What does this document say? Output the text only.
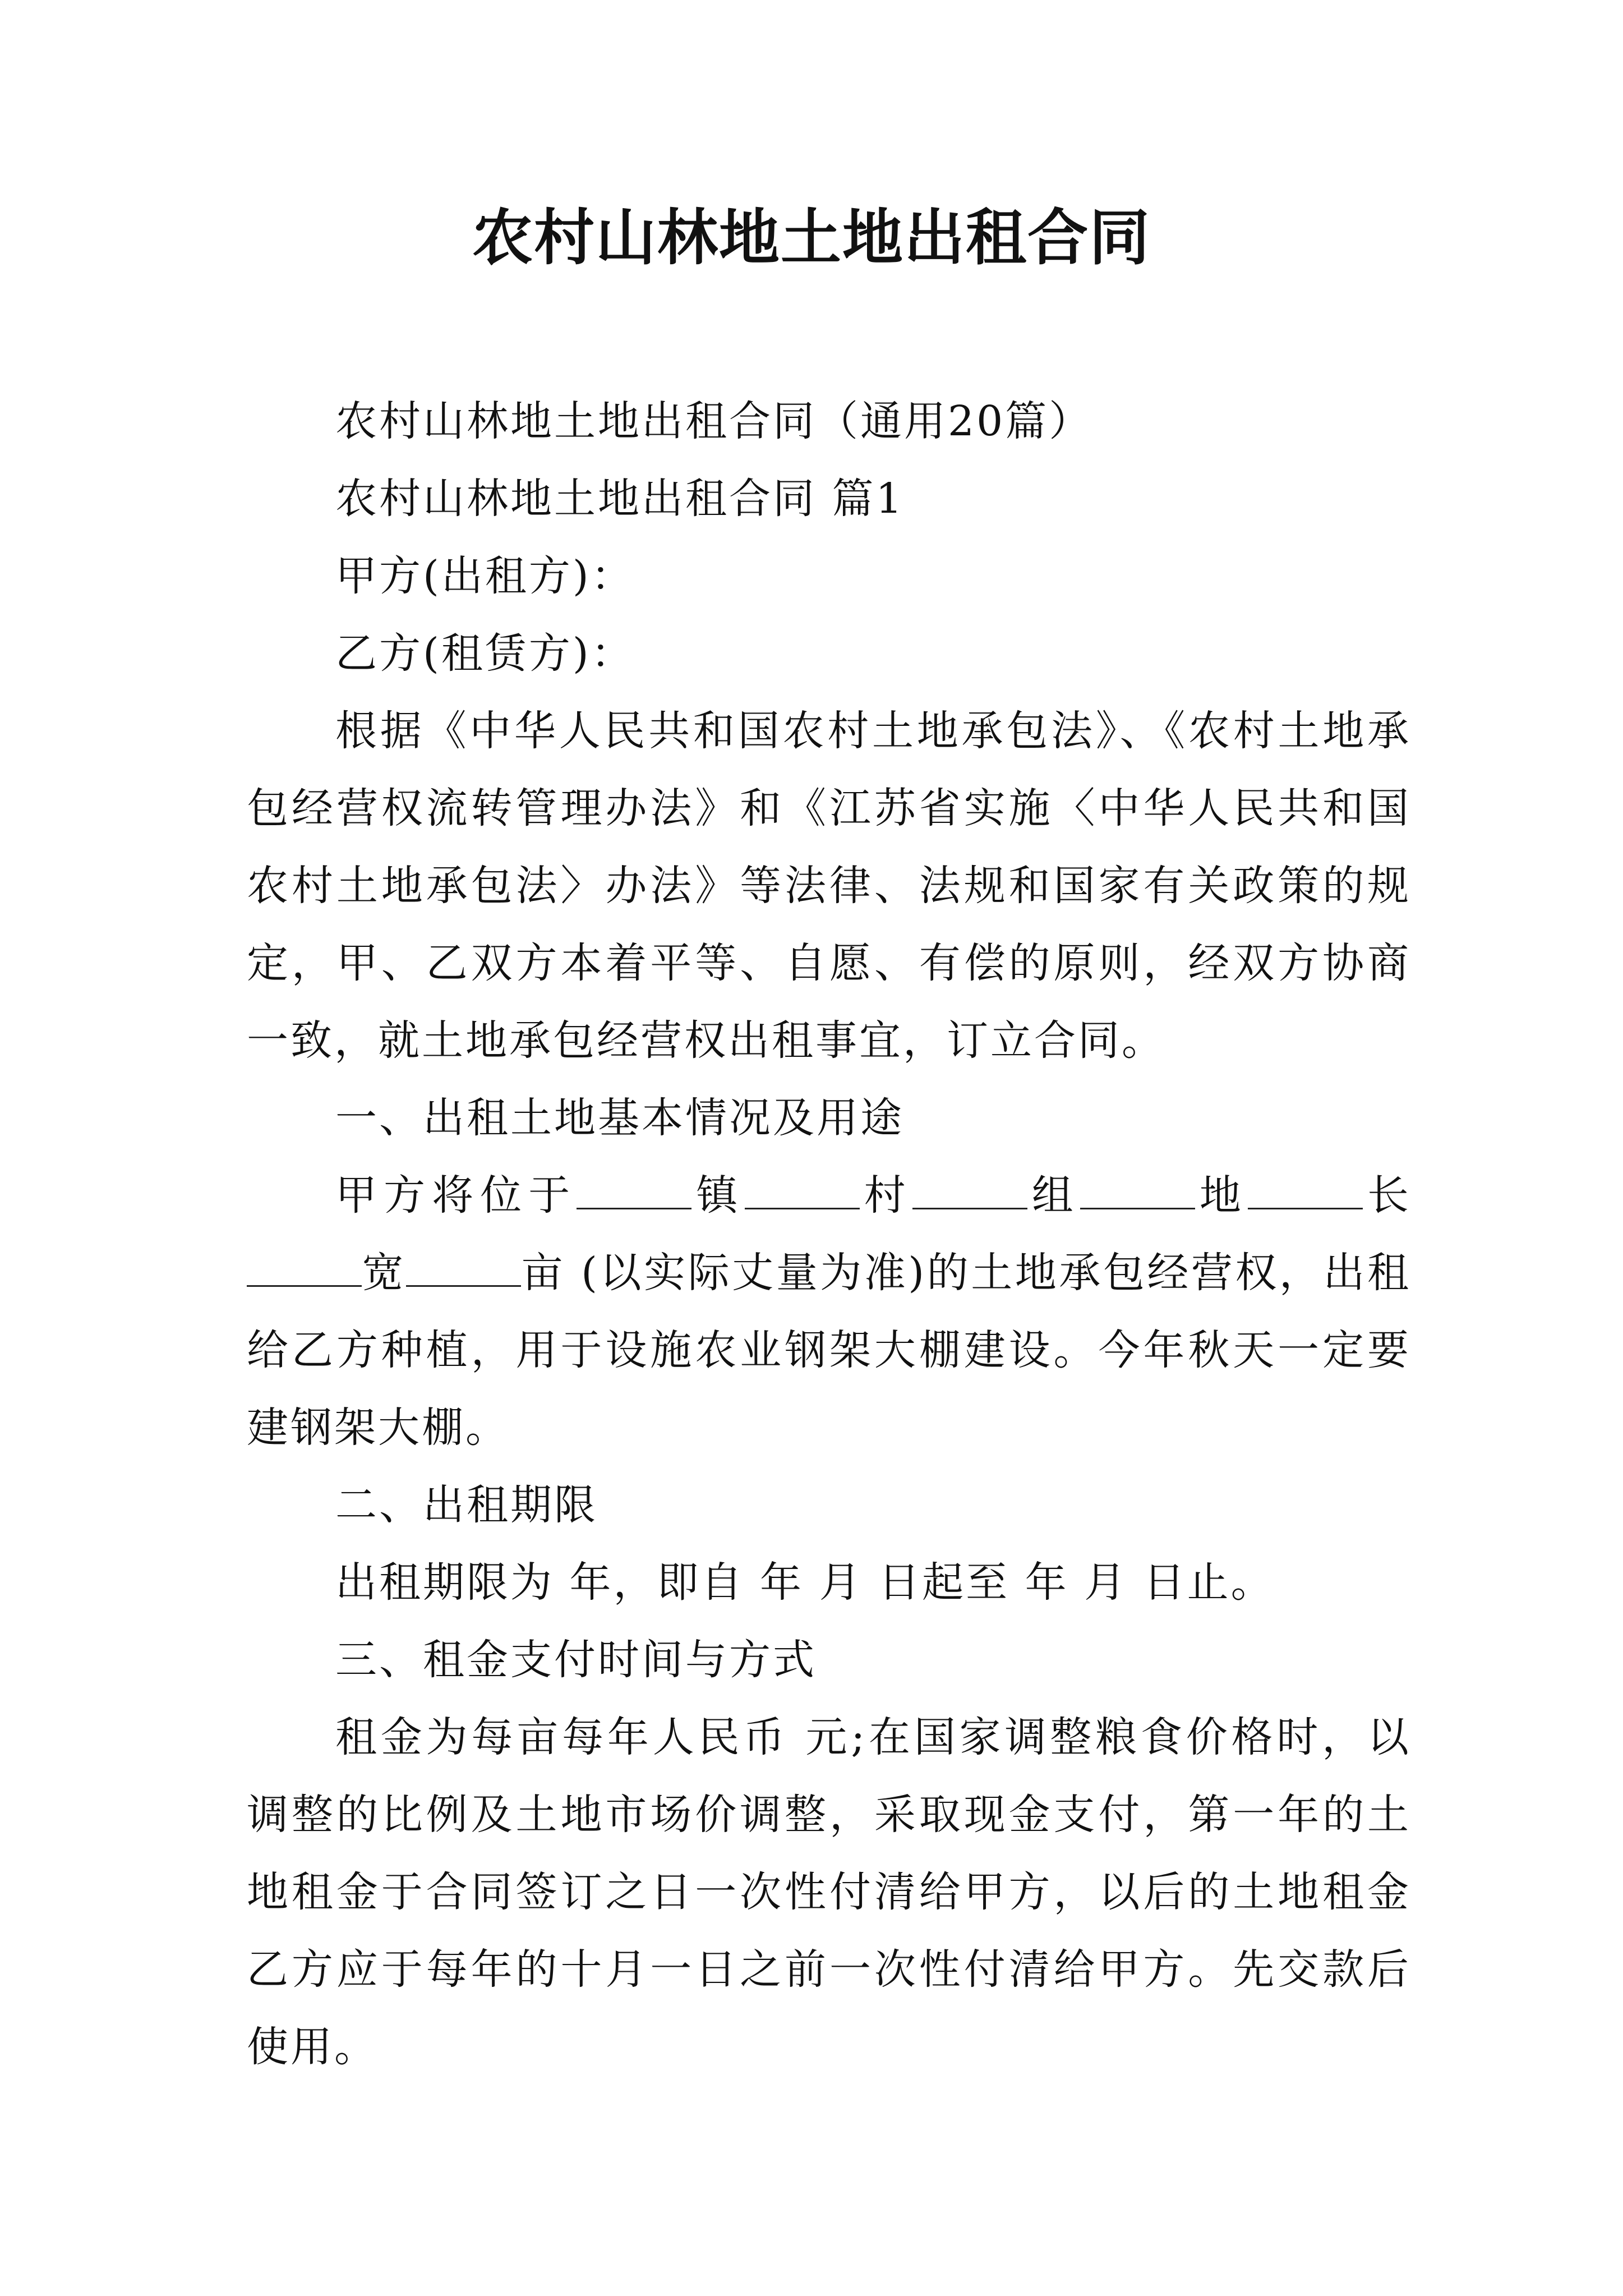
农村山林地土地出租合同

农村山林地土地出租合同（通用20篇）

农村山林地土地出租合同 篇1

甲方(出租方)：

乙方(租赁方)：

根据《中华人民共和国农村土地承包法》、《农村土地承包经营权流转管理办法》和《江苏省实施〈中华人民共和国农村土地承包法〉办法》等法律、法规和国家有关政策的规定，甲、乙双方本着平等、自愿、有偿的原则，经双方协商一致，就土地承包经营权出租事宜，订立合同。

一、出租土地基本情况及用途

甲方将位于	镇	村	组	地	长宽	亩 (以实际丈量为准)的土地承包经营权，出租给乙方种植，用于设施农业钢架大棚建设。今年秋天一定要建钢架大棚。

二、出租期限

出租期限为 年，即自 年 月 日起至 年 月 日止。

三、租金支付时间与方式

租金为每亩每年人民币 元;在国家调整粮食价格时，以调整的比例及土地市场价调整，采取现金支付，第一年的土地租金于合同签订之日一次性付清给甲方，以后的土地租金乙方应于每年的十月一日之前一次性付清给甲方。先交款后使用。
